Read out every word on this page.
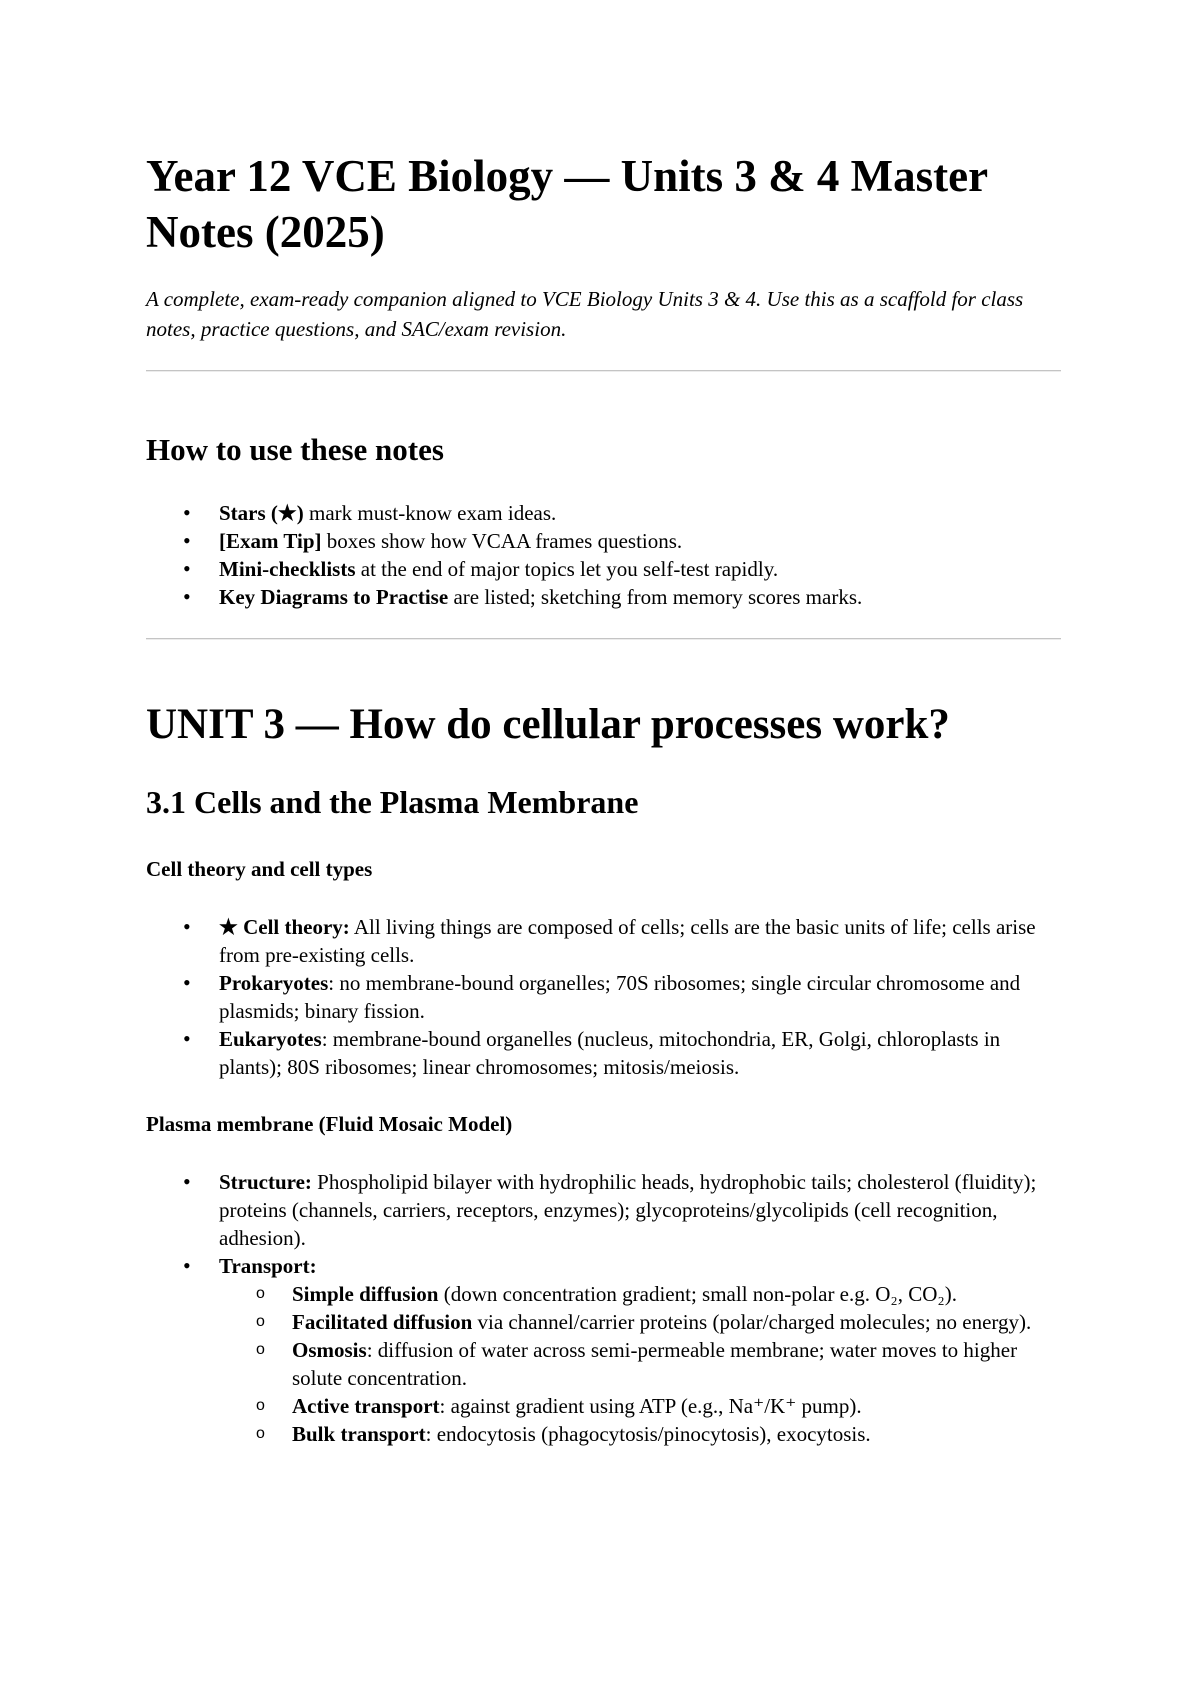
Year 12 VCE Biology — Units 3 & 4 Master Notes (2025)

A complete, exam-ready companion aligned to VCE Biology Units 3 & 4. Use this as a scaffold for class notes, practice questions, and SAC/exam revision.

How to use these notes
• Stars (★) mark must-know exam ideas.
• [Exam Tip] boxes show how VCAA frames questions.
• Mini-checklists at the end of major topics let you self-test rapidly.
• Key Diagrams to Practise are listed; sketching from memory scores marks.
UNIT 3 — How do cellular processes work?
3.1 Cells and the Plasma Membrane
Cell theory and cell types
• ★ Cell theory: All living things are composed of cells; cells are the basic units of life; cells arise from pre-existing cells.
• Prokaryotes: no membrane-bound organelles; 70S ribosomes; single circular chromosome and plasmids; binary fission.
• Eukaryotes: membrane-bound organelles (nucleus, mitochondria, ER, Golgi, chloroplasts in plants); 80S ribosomes; linear chromosomes; mitosis/meiosis.
Plasma membrane (Fluid Mosaic Model)
• Structure: Phospholipid bilayer with hydrophilic heads, hydrophobic tails; cholesterol (fluidity); proteins (channels, carriers, receptors, enzymes); glycoproteins/glycolipids (cell recognition, adhesion).
• Transport:
o Simple diffusion (down concentration gradient; small non-polar e.g. O₂, CO₂).
o Facilitated diffusion via channel/carrier proteins (polar/charged molecules; no energy).
o Osmosis: diffusion of water across semi-permeable membrane; water moves to higher solute concentration.
o Active transport: against gradient using ATP (e.g., Na⁺/K⁺ pump).
o Bulk transport: endocytosis (phagocytosis/pinocytosis), exocytosis.
